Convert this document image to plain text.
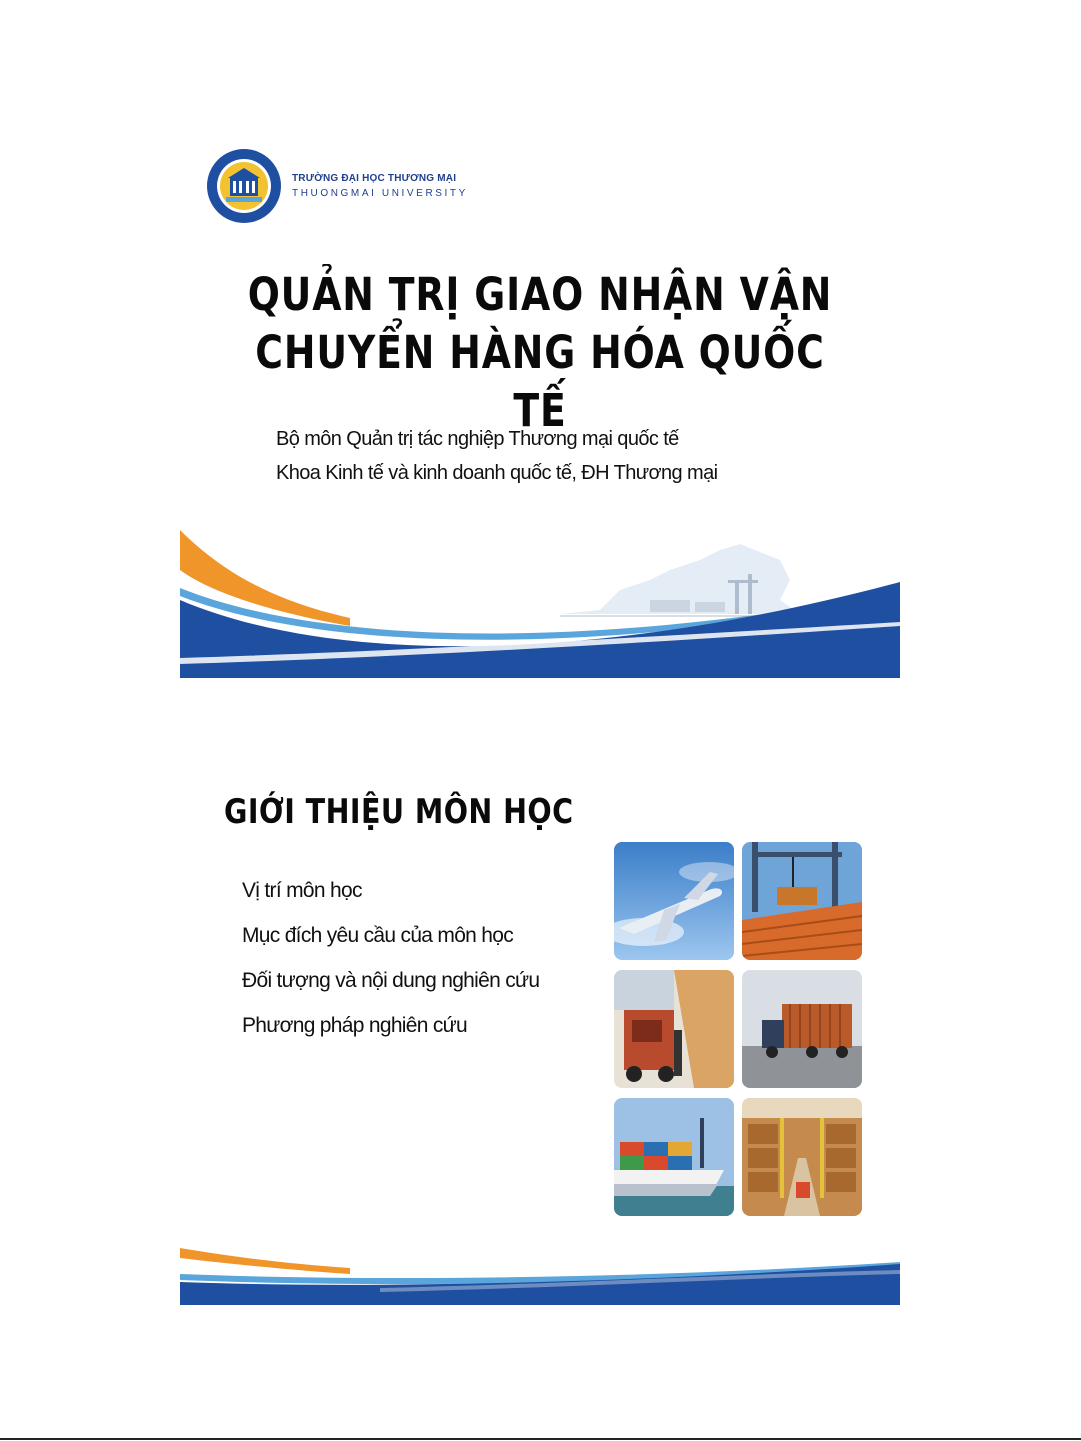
TRƯỜNG ĐẠI HỌC THƯƠNG MẠI
THUONGMAI UNIVERSITY
QUẢN TRỊ GIAO NHẬN VẬN
CHUYỂN HÀNG HÓA QUỐC TẾ
Bộ môn Quản trị tác nghiệp Thương mại quốc tế
Khoa Kinh tế và kinh doanh quốc tế, ĐH Thương mại
GIỚI THIỆU MÔN HỌC
Vị trí môn học
Mục đích yêu cầu của môn học
Đối tượng và nội dung nghiên cứu
Phương pháp nghiên cứu
